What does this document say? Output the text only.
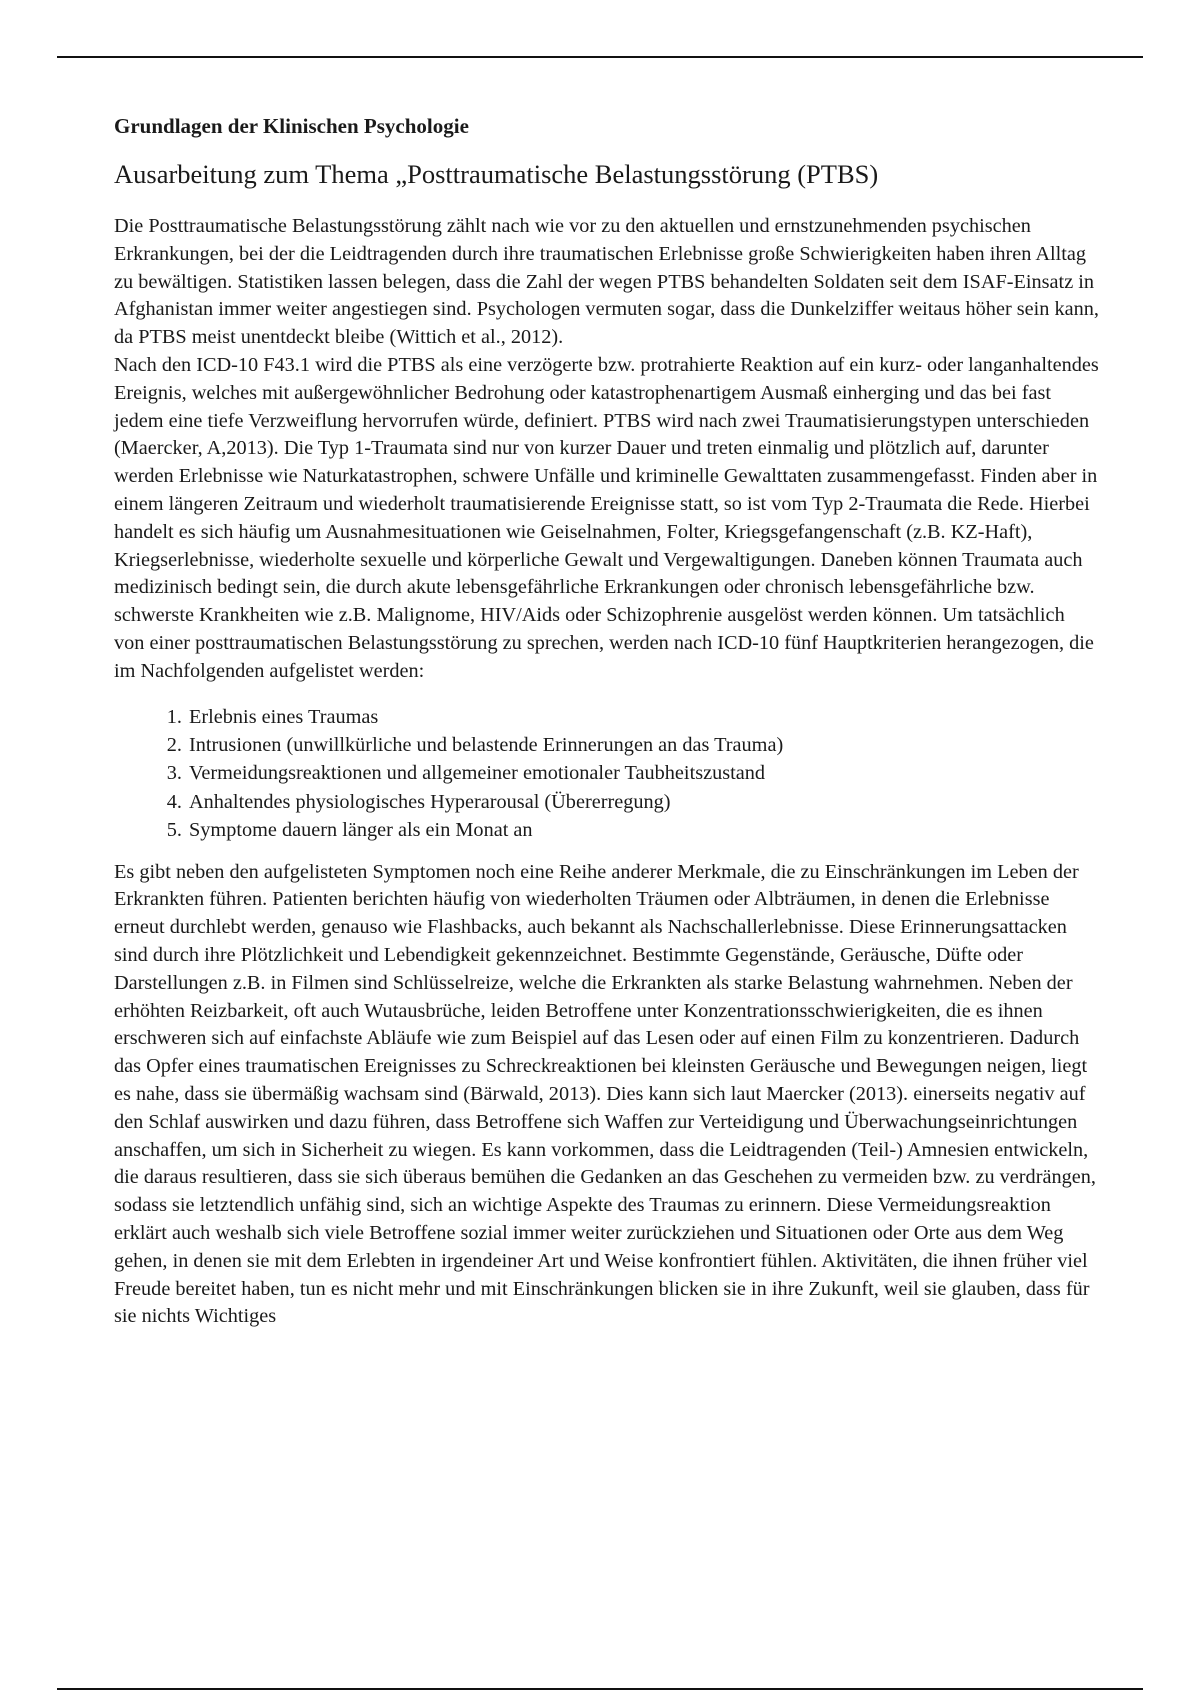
Grundlagen der Klinischen Psychologie
Ausarbeitung zum Thema „Posttraumatische Belastungsstörung (PTBS)

Die Posttraumatische Belastungsstörung zählt nach wie vor zu den aktuellen und ernstzunehmenden psychischen Erkrankungen, bei der die Leidtragenden durch ihre traumatischen Erlebnisse große Schwierigkeiten haben ihren Alltag zu bewältigen. Statistiken lassen belegen, dass die Zahl der wegen PTBS behandelten Soldaten seit dem ISAF-Einsatz in Afghanistan immer weiter angestiegen sind. Psychologen vermuten sogar, dass die Dunkelziffer weitaus höher sein kann, da PTBS meist unentdeckt bleibe (Wittich et al., 2012).

Nach den ICD-10 F43.1 wird die PTBS als eine verzögerte bzw. protrahierte Reaktion auf ein kurz- oder langanhaltendes Ereignis, welches mit außergewöhnlicher Bedrohung oder katastrophenartigem Ausmaß einherging und das bei fast jedem eine tiefe Verzweiflung hervorrufen würde, definiert. PTBS wird nach zwei Traumatisierungstypen unterschieden (Maercker, A,2013). Die Typ 1-Traumata sind nur von kurzer Dauer und treten einmalig und plötzlich auf, darunter werden Erlebnisse wie Naturkatastrophen, schwere Unfälle und kriminelle Gewalttaten zusammengefasst. Finden aber in einem längeren Zeitraum und wiederholt traumatisierende Ereignisse statt, so ist vom Typ 2-Traumata die Rede. Hierbei handelt es sich häufig um Ausnahmesituationen wie Geiselnahmen, Folter, Kriegsgefangenschaft (z.B. KZ-Haft), Kriegserlebnisse, wiederholte sexuelle und körperliche Gewalt und Vergewaltigungen. Daneben können Traumata auch medizinisch bedingt sein, die durch akute lebensgefährliche Erkrankungen oder chronisch lebensgefährliche bzw. schwerste Krankheiten wie z.B. Malignome, HIV/Aids oder Schizophrenie ausgelöst werden können. Um tatsächlich von einer posttraumatischen Belastungsstörung zu sprechen, werden nach ICD-10 fünf Hauptkriterien herangezogen, die im Nachfolgenden aufgelistet werden:

1. Erlebnis eines Traumas
2. Intrusionen (unwillkürliche und belastende Erinnerungen an das Trauma)
3. Vermeidungsreaktionen und allgemeiner emotionaler Taubheitszustand
4. Anhaltendes physiologisches Hyperarousal (Übererregung)
5. Symptome dauern länger als ein Monat an

Es gibt neben den aufgelisteten Symptomen noch eine Reihe anderer Merkmale, die zu Einschränkungen im Leben der Erkrankten führen. Patienten berichten häufig von wiederholten Träumen oder Albträumen, in denen die Erlebnisse erneut durchlebt werden, genauso wie Flashbacks, auch bekannt als Nachschallerlebnisse. Diese Erinnerungsattacken sind durch ihre Plötzlichkeit und Lebendigkeit gekennzeichnet. Bestimmte Gegenstände, Geräusche, Düfte oder Darstellungen z.B. in Filmen sind Schlüsselreize, welche die Erkrankten als starke Belastung wahrnehmen. Neben der erhöhten Reizbarkeit, oft auch Wutausbrüche, leiden Betroffene unter Konzentrationsschwierigkeiten, die es ihnen erschweren sich auf einfachste Abläufe wie zum Beispiel auf das Lesen oder auf einen Film zu konzentrieren. Dadurch das Opfer eines traumatischen Ereignisses zu Schreckreaktionen bei kleinsten Geräusche und Bewegungen neigen, liegt es nahe, dass sie übermäßig wachsam sind (Bärwald, 2013). Dies kann sich laut Maercker (2013). einerseits negativ auf den Schlaf auswirken und dazu führen, dass Betroffene sich Waffen zur Verteidigung und Überwachungseinrichtungen anschaffen, um sich in Sicherheit zu wiegen. Es kann vorkommen, dass die Leidtragenden (Teil-) Amnesien entwickeln, die daraus resultieren, dass sie sich überaus bemühen die Gedanken an das Geschehen zu vermeiden bzw. zu verdrängen, sodass sie letztendlich unfähig sind, sich an wichtige Aspekte des Traumas zu erinnern. Diese Vermeidungsreaktion erklärt auch weshalb sich viele Betroffene sozial immer weiter zurückziehen und Situationen oder Orte aus dem Weg gehen, in denen sie mit dem Erlebten in irgendeiner Art und Weise konfrontiert fühlen. Aktivitäten, die ihnen früher viel Freude bereitet haben, tun es nicht mehr und mit Einschränkungen blicken sie in ihre Zukunft, weil sie glauben, dass für sie nichts Wichtiges
